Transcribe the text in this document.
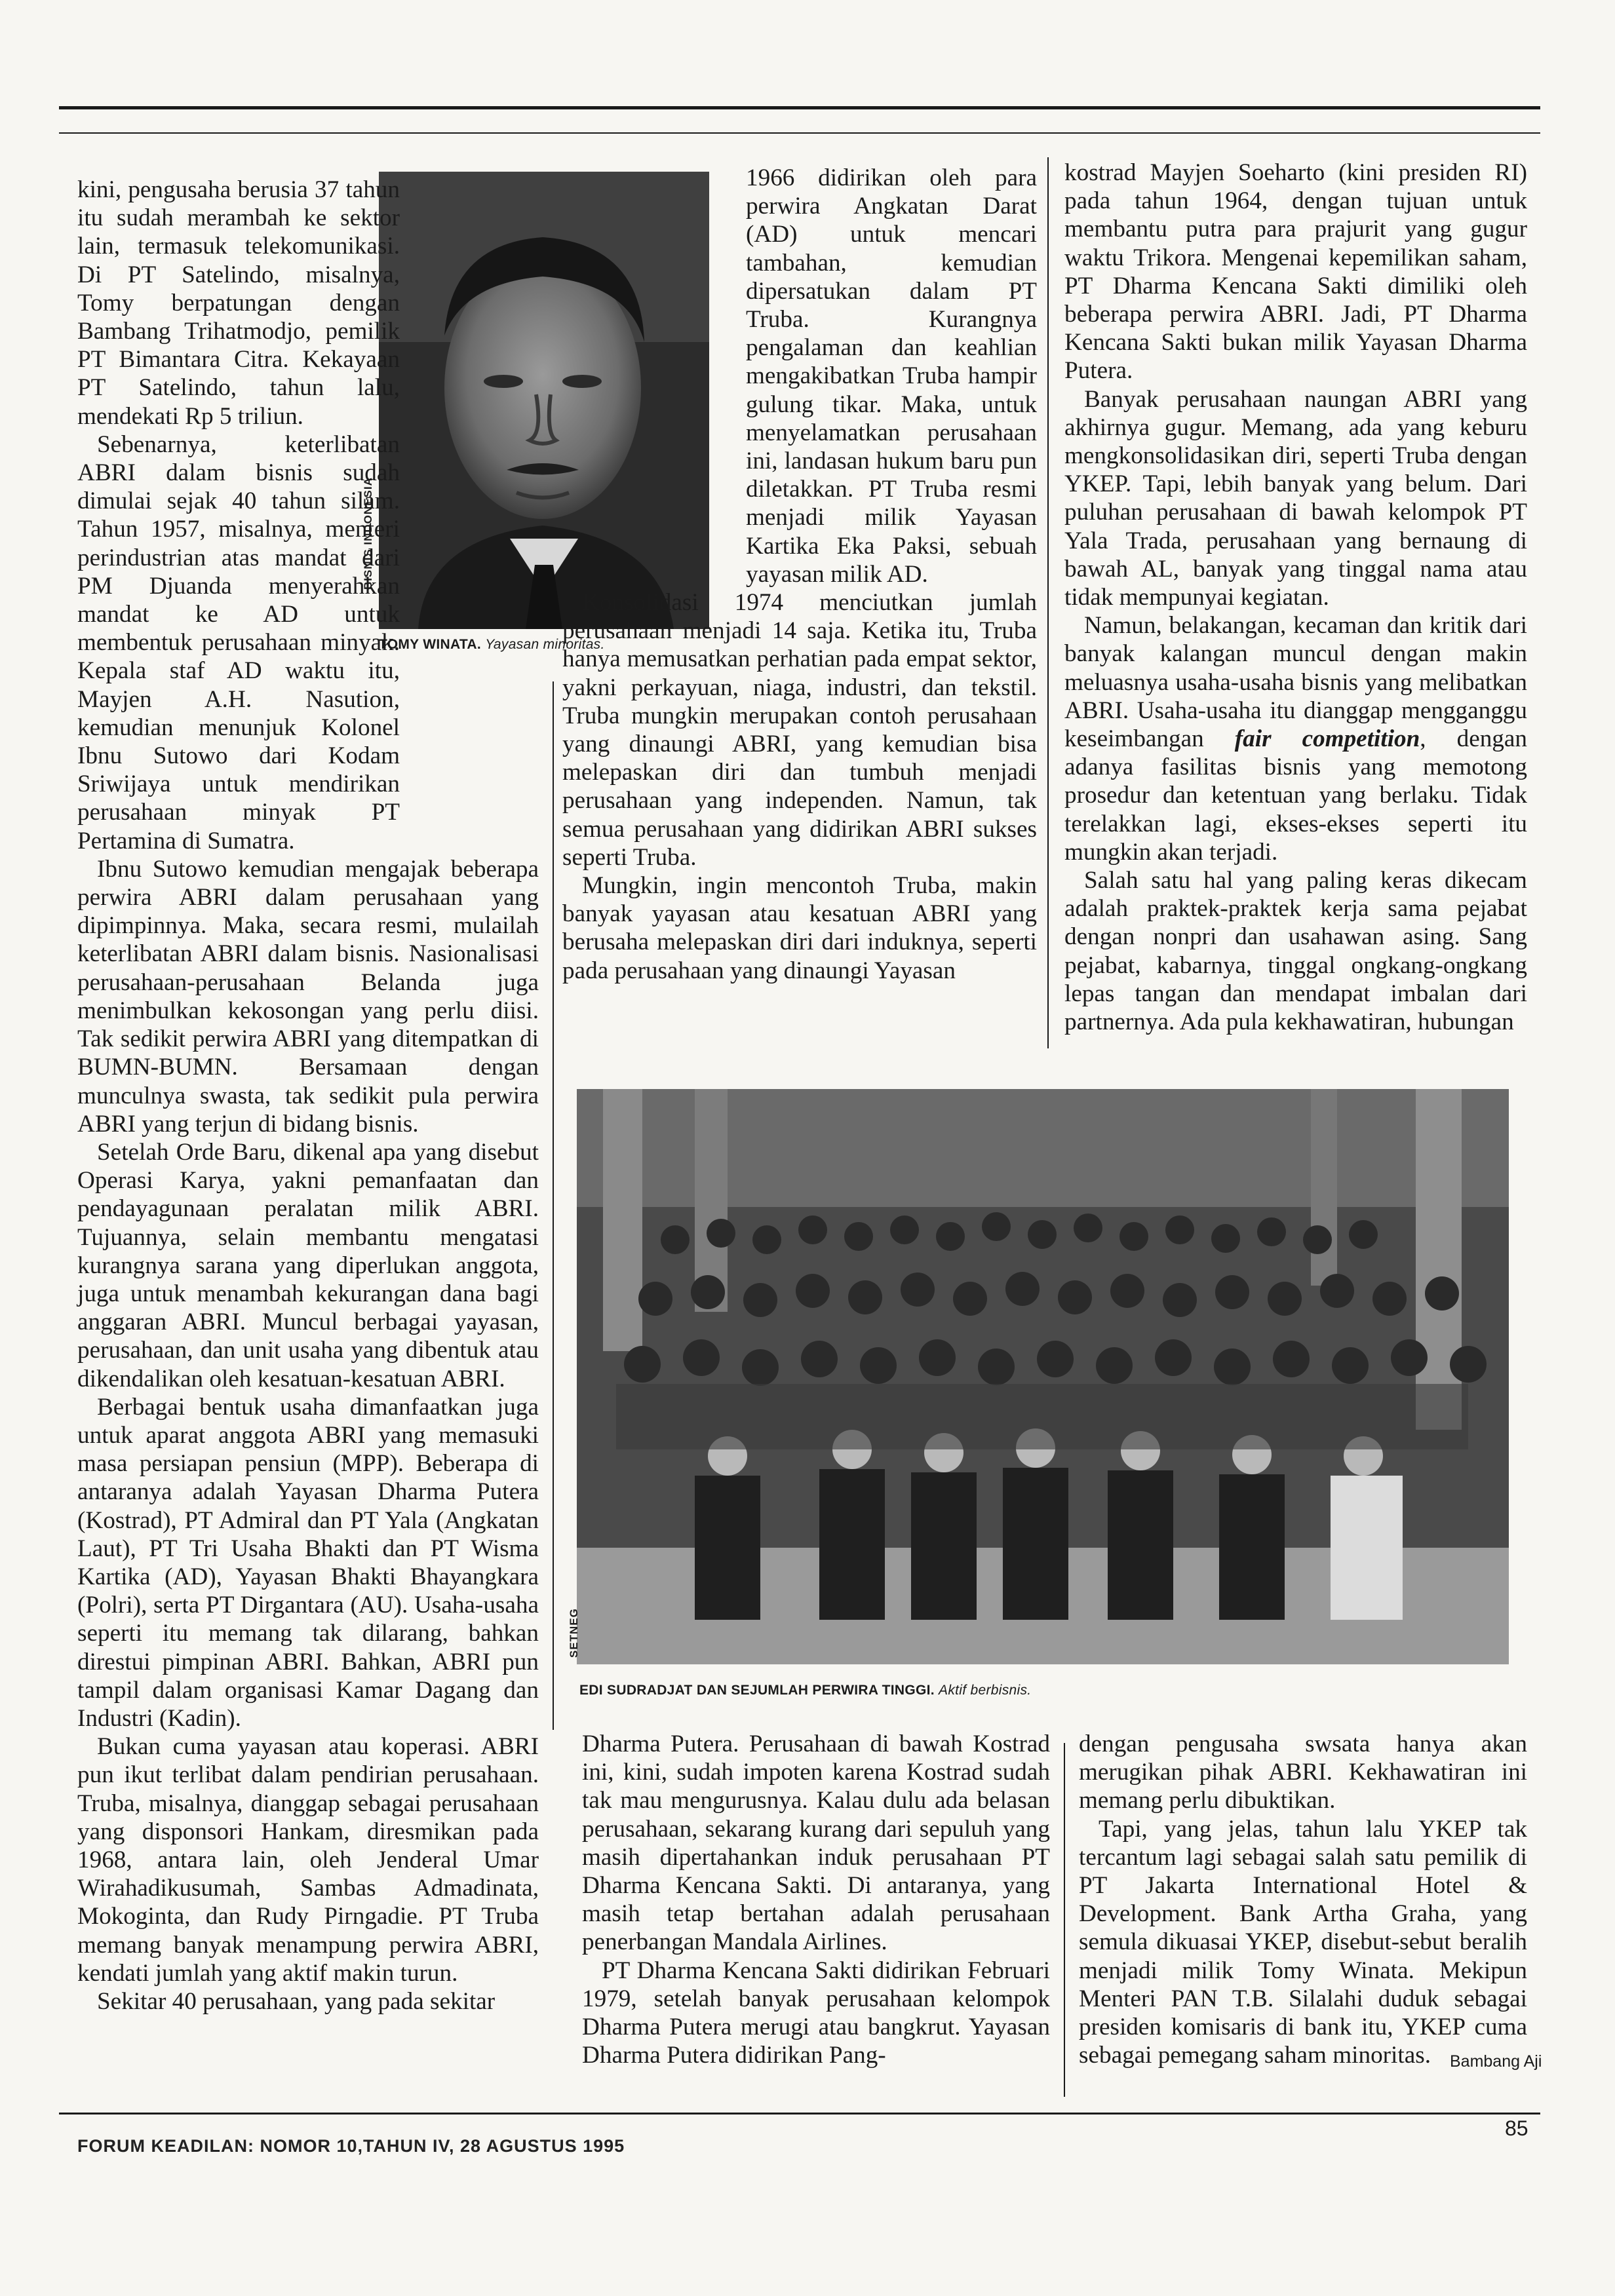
BISNIS INDONESIA
TOMY WINATA. Yayasan minoritas.
SETNEG
EDI SUDRADJAT DAN SEJUMLAH PERWIRA TINGGI. Aktif berbisnis.

kini, pengusaha berusia 37 tahun itu sudah merambah ke sektor lain, termasuk telekomunikasi. Di PT Satelindo, misalnya, Tomy berpatungan dengan Bambang Trihatmodjo, pemilik PT Bimantara Citra. Kekayaan PT Satelindo, tahun lalu, mendekati Rp 5 triliun.

Sebenarnya, keterlibatan ABRI dalam bisnis sudah dimulai sejak 40 tahun silam. Tahun 1957, misalnya, menteri perindustrian atas mandat dari PM Djuanda menyerahkan mandat ke AD untuk membentuk perusahaan minyak. Kepala staf AD waktu itu, Mayjen A.H. Nasution, kemudian menunjuk Kolonel Ibnu Sutowo dari Kodam Sriwijaya untuk mendirikan perusahaan minyak PT Pertamina di Sumatra.

Ibnu Sutowo kemudian mengajak beberapa perwira ABRI dalam perusahaan yang dipimpinnya. Maka, secara resmi, mulailah keterlibatan ABRI dalam bisnis. Nasionalisasi perusahaan-perusahaan Belanda juga menimbulkan kekosongan yang perlu diisi. Tak sedikit perwira ABRI yang ditempatkan di BUMN-BUMN. Bersamaan dengan munculnya swasta, tak sedikit pula perwira ABRI yang terjun di bidang bisnis.

Setelah Orde Baru, dikenal apa yang disebut Operasi Karya, yakni pemanfaatan dan pendayagunaan peralatan milik ABRI. Tujuannya, selain membantu mengatasi kurangnya sarana yang diperlukan anggota, juga untuk menambah kekurangan dana bagi anggaran ABRI. Muncul berbagai yayasan, perusahaan, dan unit usaha yang dibentuk atau dikendalikan oleh kesatuan-kesatuan ABRI.

Berbagai bentuk usaha dimanfaatkan juga untuk aparat anggota ABRI yang memasuki masa persiapan pensiun (MPP). Beberapa di antaranya adalah Yayasan Dharma Putera (Kostrad), PT Admiral dan PT Yala (Angkatan Laut), PT Tri Usaha Bhakti dan PT Wisma Kartika (AD), Yayasan Bhakti Bhayangkara (Polri), serta PT Dirgantara (AU). Usaha-usaha seperti itu memang tak dilarang, bahkan direstui pimpinan ABRI. Bahkan, ABRI pun tampil dalam organisasi Kamar Dagang dan Industri (Kadin).

Bukan cuma yayasan atau koperasi. ABRI pun ikut terlibat dalam pendirian perusahaan. Truba, misalnya, dianggap sebagai perusahaan yang disponsori Hankam, diresmikan pada 1968, antara lain, oleh Jenderal Umar Wirahadikusumah, Sambas Admadinata, Mokoginta, dan Rudy Pirngadie. PT Truba memang banyak menampung perwira ABRI, kendati jumlah yang aktif makin turun.

Sekitar 40 perusahaan, yang pada sekitar

1966 didirikan oleh para perwira Angkatan Darat (AD) untuk mencari tambahan, kemudian dipersatukan dalam PT Truba. Kurangnya pengalaman dan keahlian mengakibatkan Truba hampir gulung tikar. Maka, untuk menyelamatkan perusahaan ini, landasan hukum baru pun diletakkan. PT Truba resmi menjadi milik Yayasan Kartika Eka Paksi, sebuah yayasan milik AD.

Konsolidasi 1974 menciutkan jumlah perusahaan menjadi 14 saja. Ketika itu, Truba hanya memusatkan perhatian pada empat sektor, yakni perkayuan, niaga, industri, dan tekstil. Truba mungkin merupakan contoh perusahaan yang dinaungi ABRI, yang kemudian bisa melepaskan diri dan tumbuh menjadi perusahaan yang independen. Namun, tak semua perusahaan yang didirikan ABRI sukses seperti Truba.

Mungkin, ingin mencontoh Truba, makin banyak yayasan atau kesatuan ABRI yang berusaha melepaskan diri dari induknya, seperti pada perusahaan yang dinaungi Yayasan

kostrad Mayjen Soeharto (kini presiden RI) pada tahun 1964, dengan tujuan untuk membantu putra para prajurit yang gugur waktu Trikora. Mengenai kepemilikan saham, PT Dharma Kencana Sakti dimiliki oleh beberapa perwira ABRI. Jadi, PT Dharma Kencana Sakti bukan milik Yayasan Dharma Putera.

Banyak perusahaan naungan ABRI yang akhirnya gugur. Memang, ada yang keburu mengkonsolidasikan diri, seperti Truba dengan YKEP. Tapi, lebih banyak yang belum. Dari puluhan perusahaan di bawah kelompok PT Yala Trada, perusahaan yang bernaung di bawah AL, banyak yang tinggal nama atau tidak mempunyai kegiatan.

Namun, belakangan, kecaman dan kritik dari banyak kalangan muncul dengan makin meluasnya usaha-usaha bisnis yang melibatkan ABRI. Usaha-usaha itu dianggap mengganggu keseimbangan fair competition, dengan adanya fasilitas bisnis yang memotong prosedur dan ketentuan yang berlaku. Tidak terelakkan lagi, ekses-ekses seperti itu mungkin akan terjadi.

Salah satu hal yang paling keras dikecam adalah praktek-praktek kerja sama pejabat dengan nonpri dan usahawan asing. Sang pejabat, kabarnya, tinggal ongkang-ongkang lepas tangan dan mendapat imbalan dari partnernya. Ada pula kekhawatiran, hubungan

Dharma Putera. Perusahaan di bawah Kostrad ini, kini, sudah impoten karena Kostrad sudah tak mau mengurusnya. Kalau dulu ada belasan perusahaan, sekarang kurang dari sepuluh yang masih dipertahankan induk perusahaan PT Dharma Kencana Sakti. Di antaranya, yang masih tetap bertahan adalah perusahaan penerbangan Mandala Airlines.

PT Dharma Kencana Sakti didirikan Februari 1979, setelah banyak perusahaan kelompok Dharma Putera merugi atau bangkrut. Yayasan Dharma Putera didirikan Pang-

dengan pengusaha swsata hanya akan merugikan pihak ABRI. Kekhawatiran ini memang perlu dibuktikan.

Tapi, yang jelas, tahun lalu YKEP tak tercantum lagi sebagai salah satu pemilik di PT Jakarta International Hotel & Development. Bank Artha Graha, yang semula dikuasai YKEP, disebut-sebut beralih menjadi milik Tomy Winata. Mekipun Menteri PAN T.B. Silalahi duduk sebagai presiden komisaris di bank itu, YKEP cuma sebagai pemegang saham minoritas.	Bambang Aji
FORUM KEADILAN: NOMOR 10,TAHUN IV, 28 AGUSTUS 1995
85
